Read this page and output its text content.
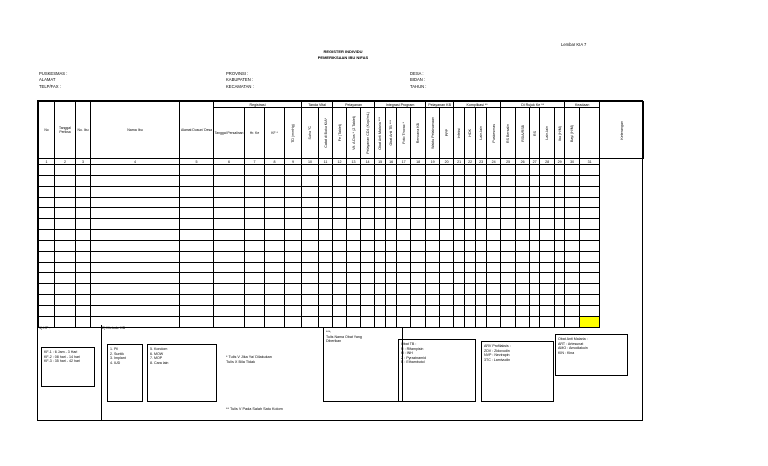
Lembar KIA 7
REGISTER INDIVIDU
PEMERIKSAAN IBU NIFAS
PUSKESMAS :
ALAMAT
TELP/FAX :
PROVINSI :
KABUPATEN :
KECAMATAN :
DESA :
BIDAN :
TAHUN :
No	Tanggal Periksa	No. Ibu	Nama Ibu	Alamat Dusun/ Desa	Registrasi				Tanda Vital		Pelayanan			Integrasi Program				Pelayanan KB		Komplikasi **				Di Rujuk Ke **					Keadaan		Keterangan

					Tanggal Persalinan	Hr. Ke	KF *	TD (mmHg)	Suhu °C	Catat di Buku KIA*	Fe (Tablet)	Vit. A Dos * (2 Tablet)	Pelayanan CD4 (Kopi/mL)	Obat Anti Malaria ***	Obat Anti TB ***	Foto Thorax *	Rencana KB	Waktu Pelaksanaan	PPP	Infeksi	HDK	Lain-lain	Puskesmas	RS Bersalin	RSIA/RSB	RS	Lain-lain	Ibu (H/M)	Bayi (H/M)		

1	2	3	4	5	6	7	8	9	10	11	12	13	14	15	16	17	18	19	20	21	22	23	24	25	26	27	28	29	30	31	

1) KF :	2) Metode KB
KF-1 : 6 Jam - 3 Hari
KF-2 : 08 hari - 14 hari
KF-3 : 35 hari - 42 hari
1. Pil
2. Suntik
3. Implant
4. IUD
5. Kondom
6. MOW
7. MOP
8. Cara lain
* Tulis V Jika Ya/ Dilakukan
Tulis X Bila Tidak
***:
Tulis Nama Obat Yang
Diberikan
Obat TB :
R : Rifampisin
H : INH
Z : Pyrazinamid
E : Ethambutol
ARV Profilaksis :
ZDV : Zidovudin
NVP : Nevirapin
3TC : Lamivudin
Obat Anti Malaria :
ART : Artesunat
AMO : Amodiakuin
KIN : Kina
** Tulis V Pada Salah Satu Kolom
